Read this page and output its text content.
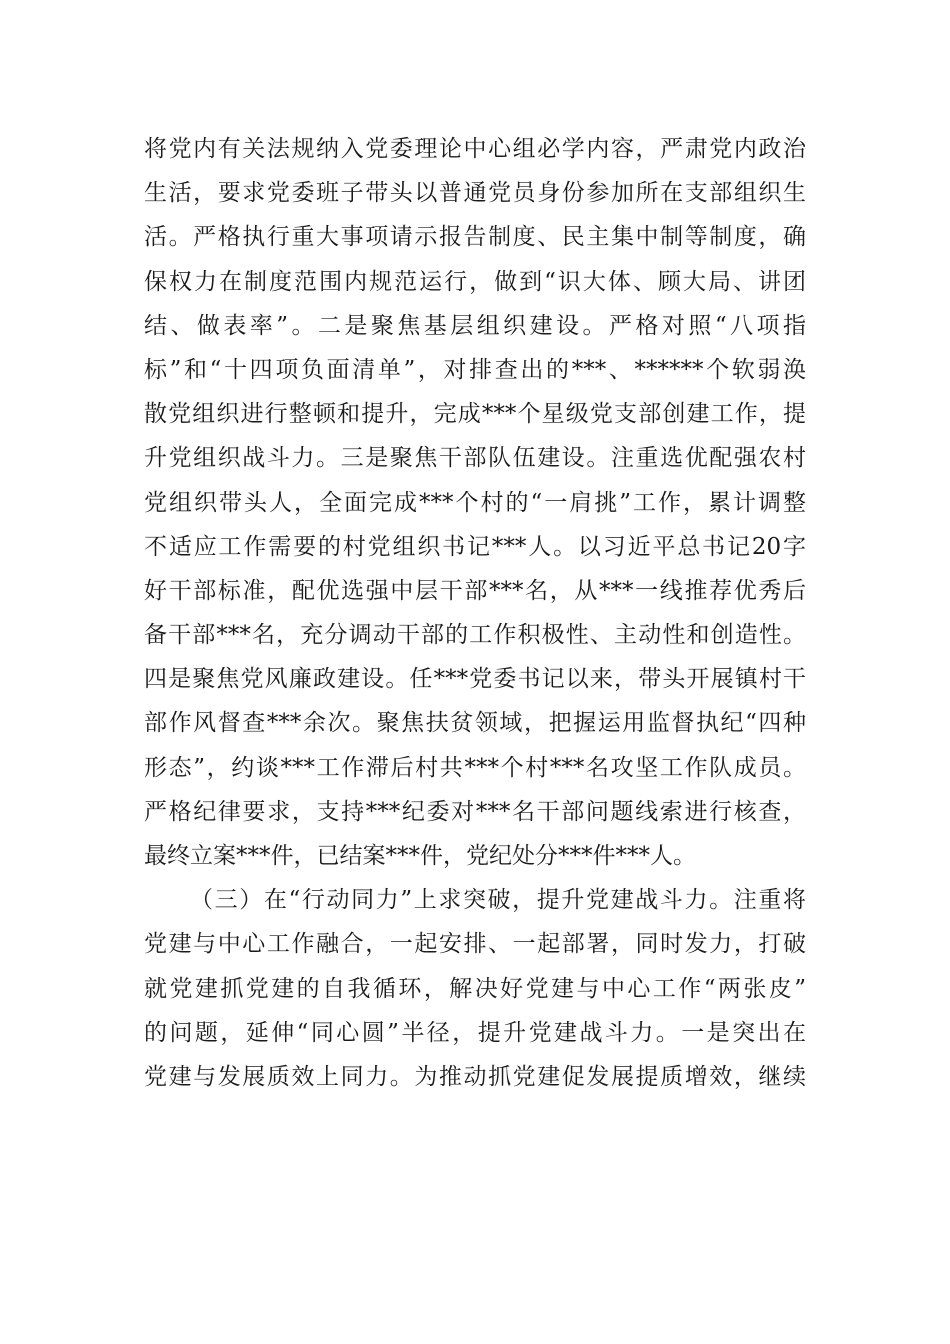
将党内有关法规纳入党委理论中心组必学内容，严肃党内政治
生活，要求党委班子带头以普通党员身份参加所在支部组织生
活。严格执行重大事项请示报告制度、民主集中制等制度，确
保权力在制度范围内规范运行，做到“识大体、顾大局、讲团
结、做表率”。二是聚焦基层组织建设。严格对照“八项指
标”和“十四项负面清单”，对排查出的***、******个软弱涣
散党组织进行整顿和提升，完成***个星级党支部创建工作，提
升党组织战斗力。三是聚焦干部队伍建设。注重选优配强农村
党组织带头人，全面完成***个村的“一肩挑”工作，累计调整
不适应工作需要的村党组织书记***人。以习近平总书记20字
好干部标准，配优选强中层干部***名，从***一线推荐优秀后
备干部***名，充分调动干部的工作积极性、主动性和创造性。
四是聚焦党风廉政建设。任***党委书记以来，带头开展镇村干
部作风督查***余次。聚焦扶贫领域，把握运用监督执纪“四种
形态”，约谈***工作滞后村共***个村***名攻坚工作队成员。
严格纪律要求，支持***纪委对***名干部问题线索进行核查，
最终立案***件，已结案***件，党纪处分***件***人。
（三）在“行动同力”上求突破，提升党建战斗力。注重将
党建与中心工作融合，一起安排、一起部署，同时发力，打破
就党建抓党建的自我循环，解决好党建与中心工作“两张皮”
的问题，延伸“同心圆”半径，提升党建战斗力。一是突出在
党建与发展质效上同力。为推动抓党建促发展提质增效，继续
